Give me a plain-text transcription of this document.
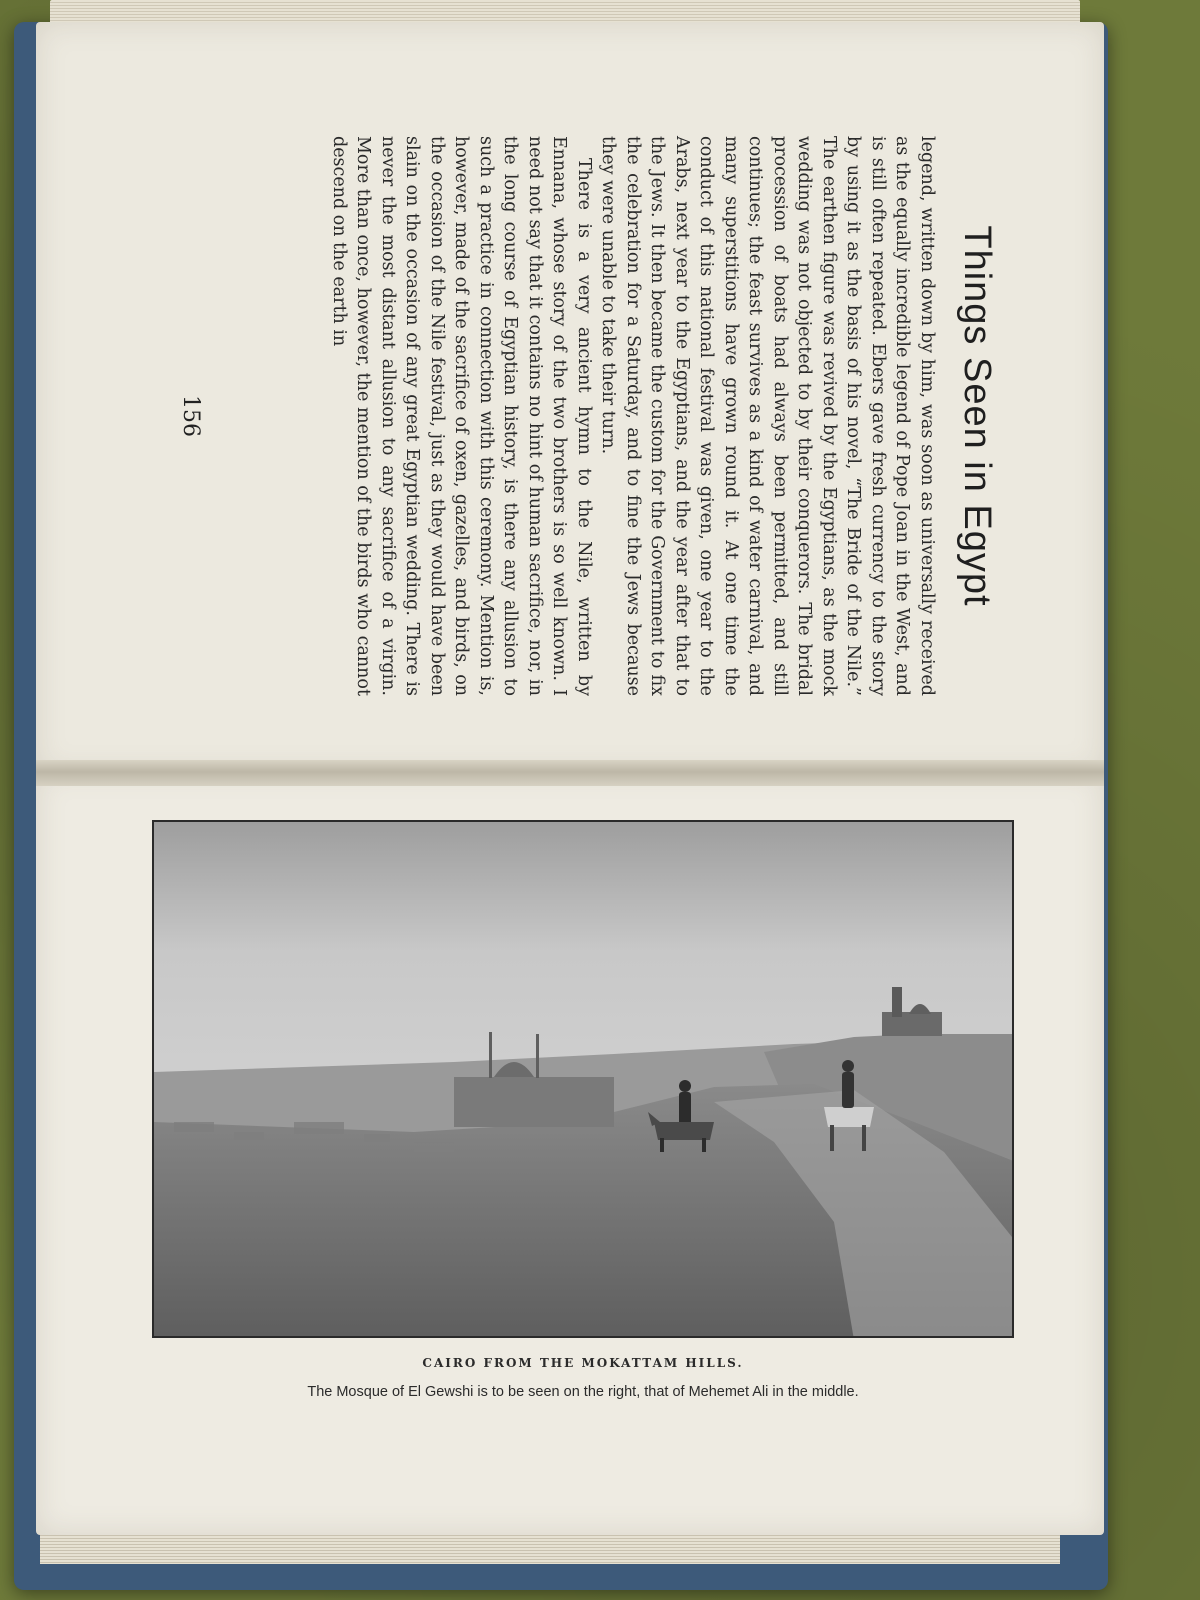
Things Seen in Egypt

legend, written down by him, was soon as universally received as the equally incredible legend of Pope Joan in the West, and is still often repeated. Ebers gave fresh currency to the story by using it as the basis of his novel, “The Bride of the Nile.” The earthen figure was revived by the Egyptians, as the mock wedding was not objected to by their conquerors. The bridal procession of boats had always been permitted, and still continues; the feast survives as a kind of water carnival, and many superstitions have grown round it. At one time the conduct of this national festival was given, one year to the Arabs, next year to the Egyptians, and the year after that to the Jews. It then became the custom for the Government to fix the celebration for a Saturday, and to fine the Jews because they were unable to take their turn.

There is a very ancient hymn to the Nile, written by Ennana, whose story of the two brothers is so well known. I need not say that it contains no hint of human sacrifice, nor, in the long course of Egyptian history, is there any allusion to such a practice in connection with this ceremony. Mention is, however, made of the sacrifice of oxen, gazelles, and birds, on the occasion of the Nile festival, just as they would have been slain on the occasion of any great Egyptian wedding. There is never the most distant allusion to any sacrifice of a virgin. More than once, however, the mention of the birds who cannot descend on the earth in

156
CAIRO FROM THE MOKATTAM HILLS.
The Mosque of El Gewshi is to be seen on the right, that of Mehemet Ali in the middle.
